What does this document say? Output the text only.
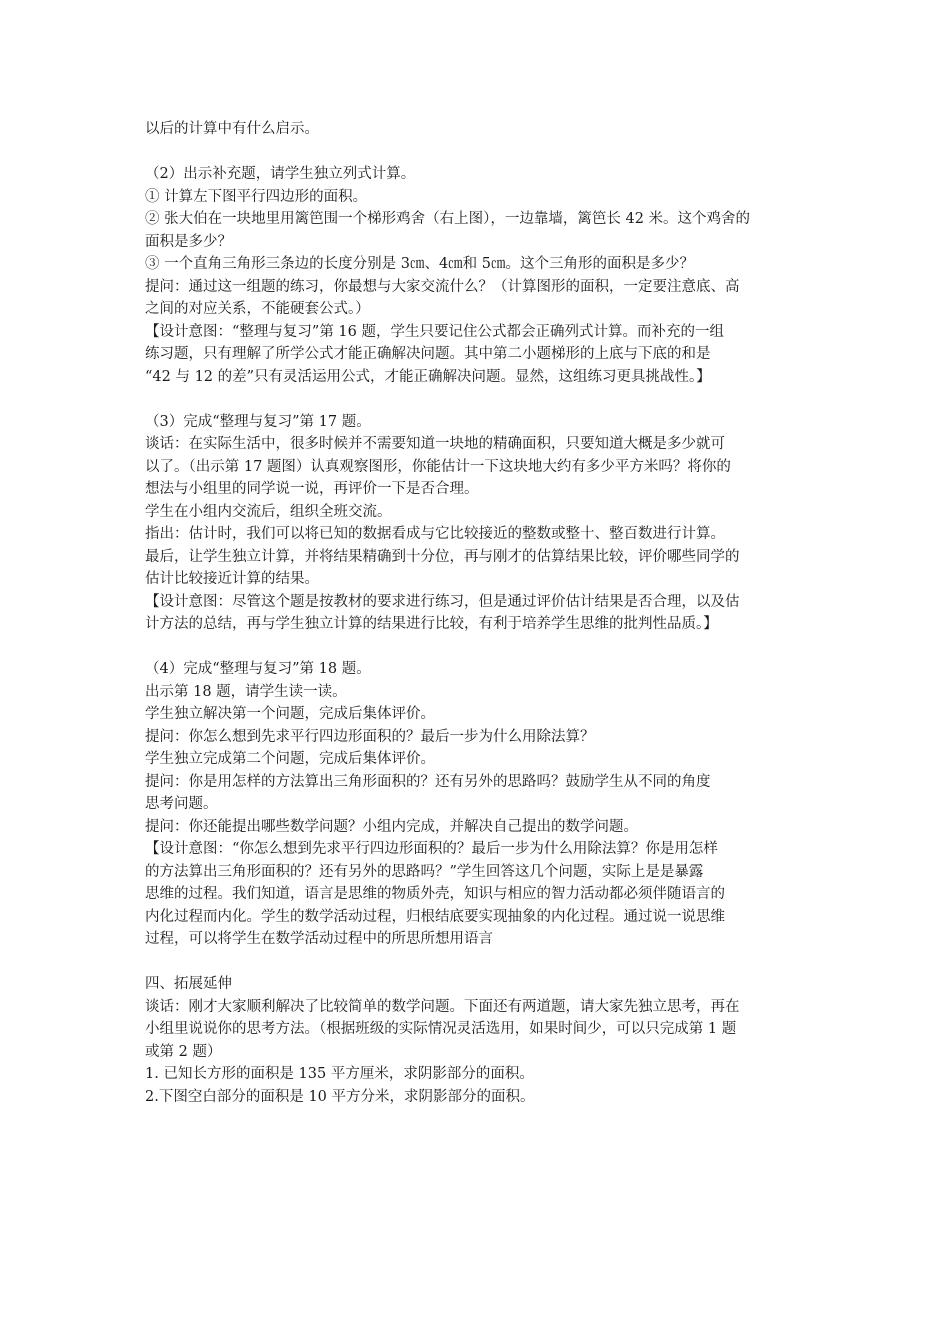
以后的计算中有什么启示。
（2）出示补充题，请学生独立列式计算。
① 计算左下图平行四边形的面积。
② 张大伯在一块地里用篱笆围一个梯形鸡舍（右上图），一边靠墙，篱笆长 42 米。这个鸡舍的
面积是多少？
③ 一个直角三角形三条边的长度分别是 3㎝、4㎝和 5㎝。这个三角形的面积是多少？
提问：通过这一组题的练习，你最想与大家交流什么？（计算图形的面积，一定要注意底、高
之间的对应关系，不能硬套公式。）
【设计意图：“整理与复习”第 16 题，学生只要记住公式都会正确列式计算。而补充的一组
练习题，只有理解了所学公式才能正确解决问题。其中第二小题梯形的上底与下底的和是
“42 与 12 的差”只有灵活运用公式，才能正确解决问题。显然，这组练习更具挑战性。】
（3）完成“整理与复习”第 17 题。
谈话：在实际生活中，很多时候并不需要知道一块地的精确面积，只要知道大概是多少就可
以了。（出示第 17 题图）认真观察图形，你能估计一下这块地大约有多少平方米吗？将你的
想法与小组里的同学说一说，再评价一下是否合理。
学生在小组内交流后，组织全班交流。
指出：估计时，我们可以将已知的数据看成与它比较接近的整数或整十、整百数进行计算。
最后，让学生独立计算，并将结果精确到十分位，再与刚才的估算结果比较，评价哪些同学的
估计比较接近计算的结果。
【设计意图：尽管这个题是按教材的要求进行练习，但是通过评价估计结果是否合理，以及估
计方法的总结，再与学生独立计算的结果进行比较，有利于培养学生思维的批判性品质。】
（4）完成“整理与复习”第 18 题。
出示第 18 题，请学生读一读。
学生独立解决第一个问题，完成后集体评价。
提问：你怎么想到先求平行四边形面积的？最后一步为什么用除法算？
学生独立完成第二个问题，完成后集体评价。
提问：你是用怎样的方法算出三角形面积的？还有另外的思路吗？鼓励学生从不同的角度
思考问题。
提问：你还能提出哪些数学问题？小组内完成，并解决自己提出的数学问题。
【设计意图：“你怎么想到先求平行四边形面积的？最后一步为什么用除法算？你是用怎样
的方法算出三角形面积的？还有另外的思路吗？”学生回答这几个问题，实际上是是暴露
思维的过程。我们知道，语言是思维的物质外壳，知识与相应的智力活动都必须伴随语言的
内化过程而内化。学生的数学活动过程，归根结底要实现抽象的内化过程。通过说一说思维
过程，可以将学生在数学活动过程中的所思所想用语言
四、拓展延伸
谈话：刚才大家顺利解决了比较简单的数学问题。下面还有两道题，请大家先独立思考，再在
小组里说说你的思考方法。（根据班级的实际情况灵活选用，如果时间少，可以只完成第 1 题
或第 2 题）
1. 已知长方形的面积是 135 平方厘米，求阴影部分的面积。
2.下图空白部分的面积是 10 平方分米，求阴影部分的面积。
